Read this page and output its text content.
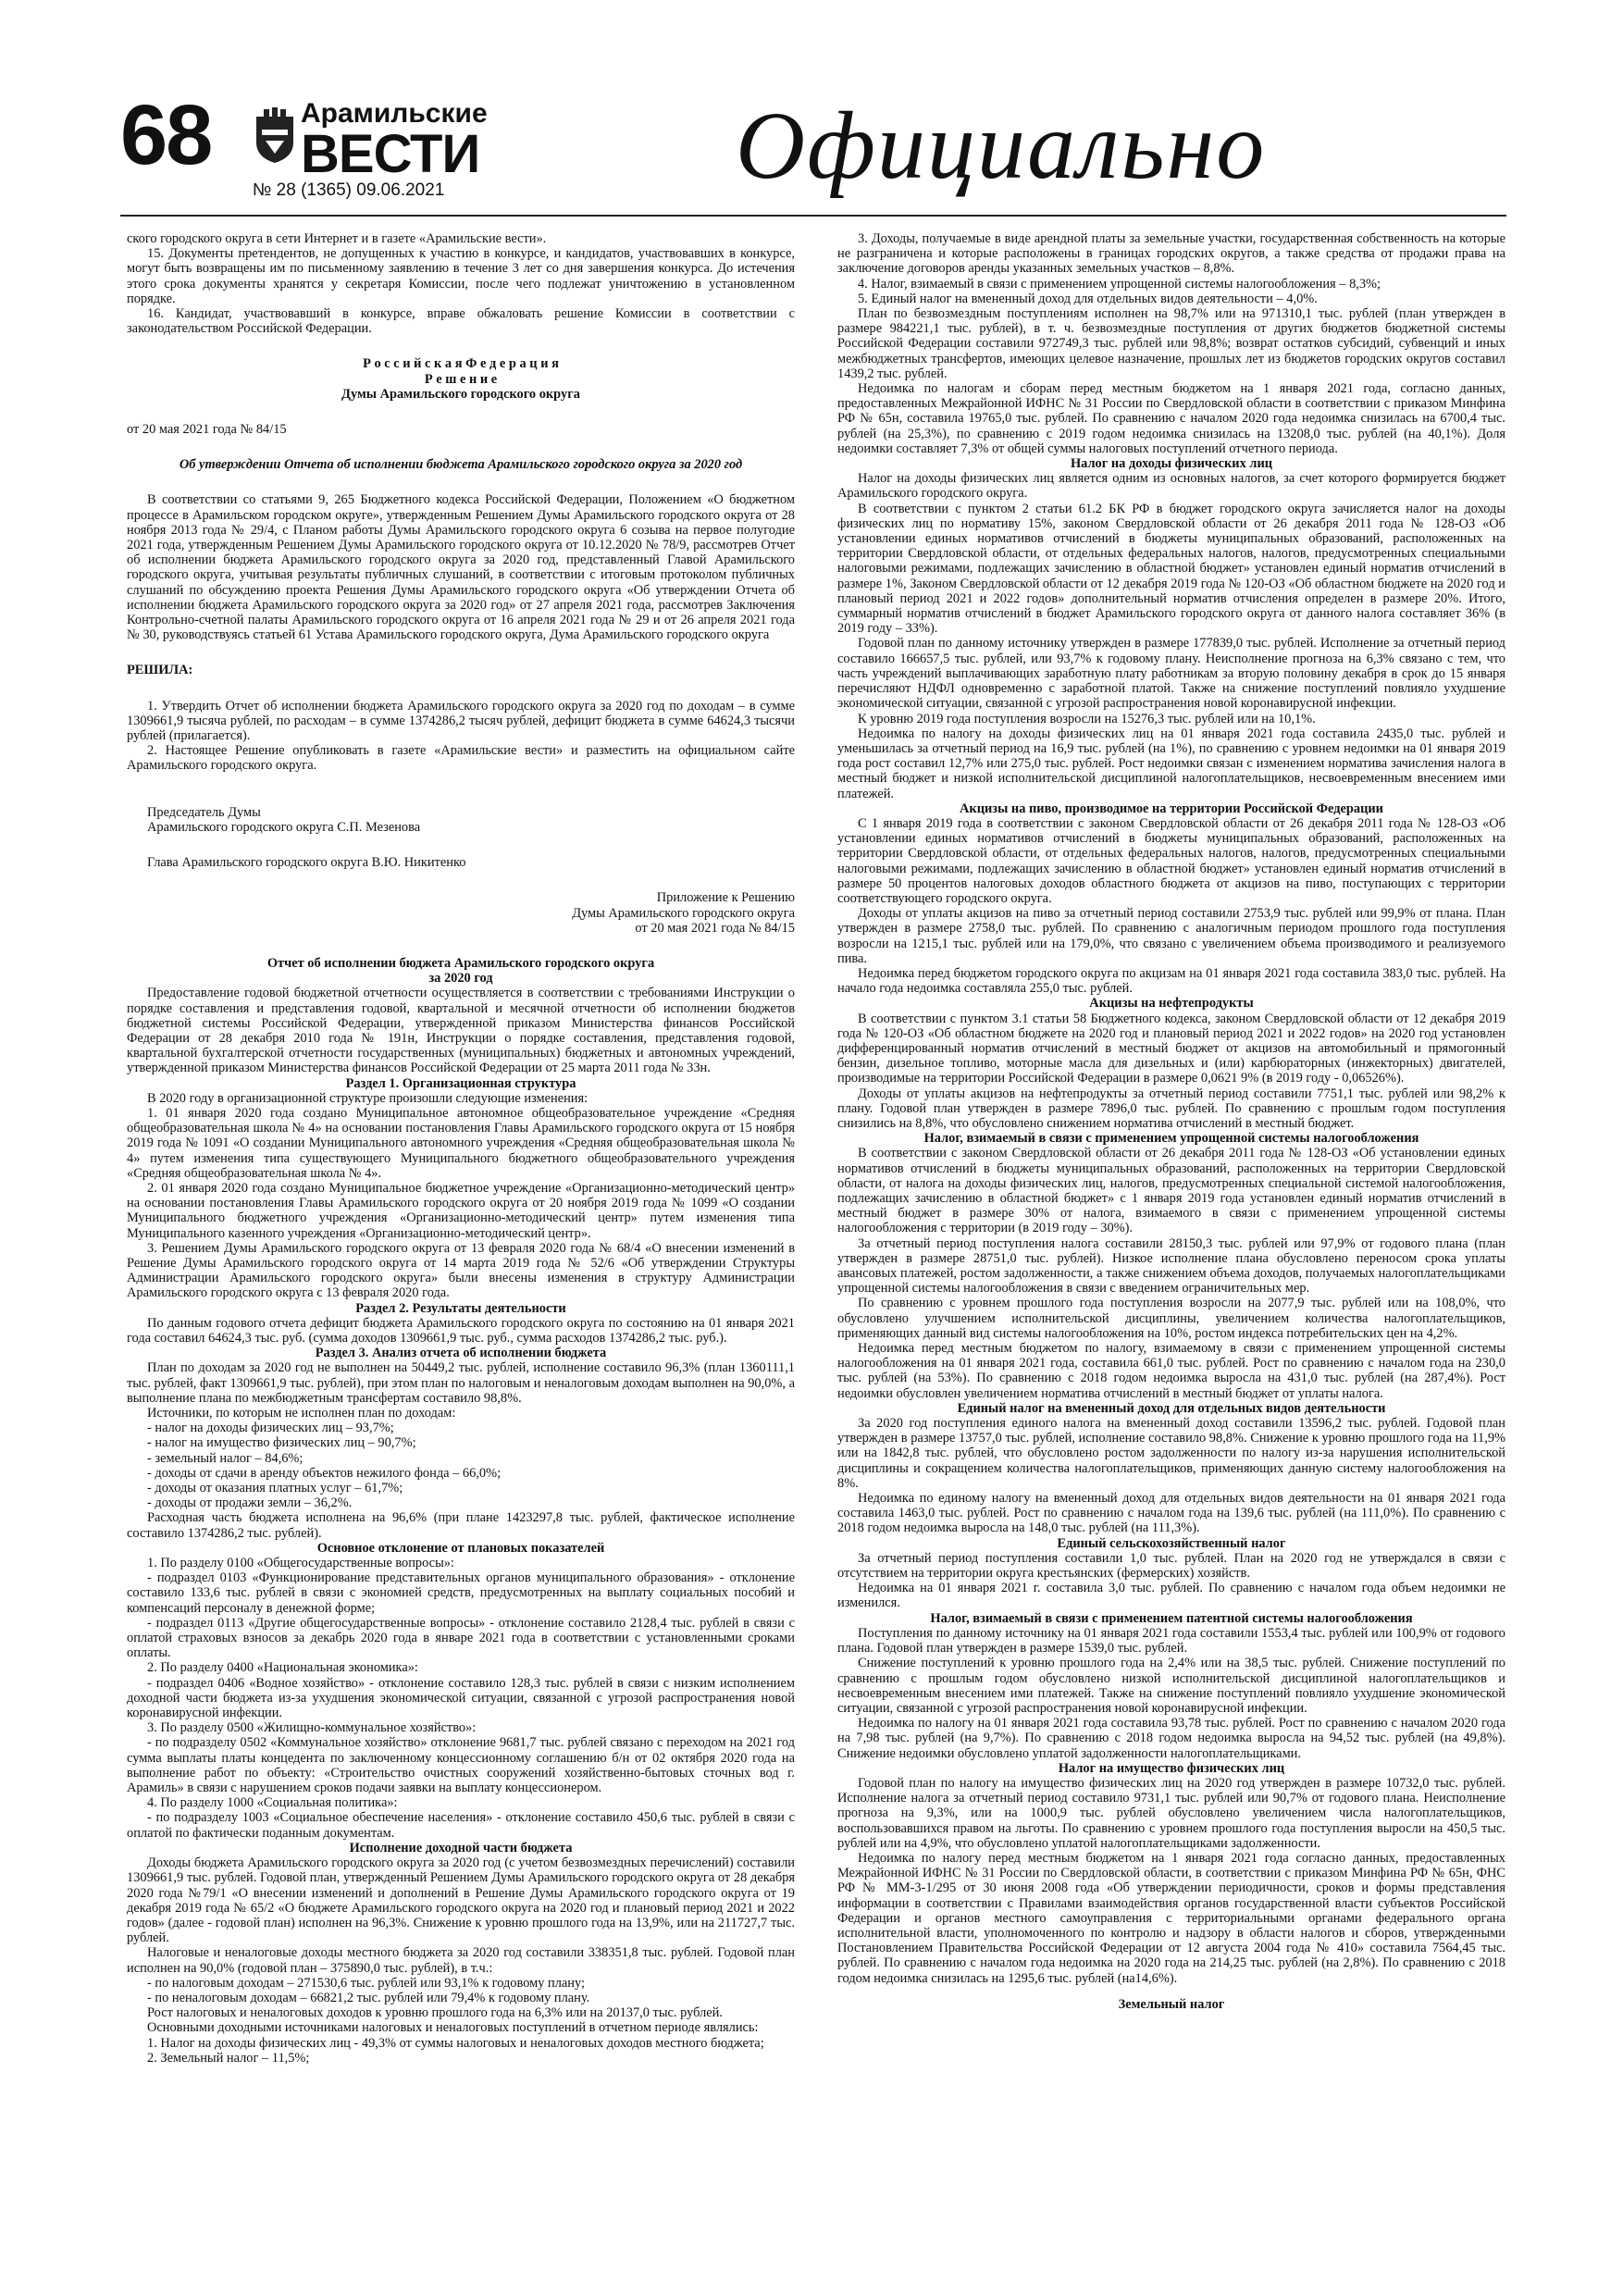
68	Арамильские
ВЕСТИ
№ 28 (1365) 09.06.2021	Официально

ского городского округа в сети Интернет и в газете «Арамильские вести».

15. Документы претендентов, не допущенных к участию в конкурсе, и кандидатов, участвовавших в конкурсе, могут быть возвращены им по письменному заявлению в течение 3 лет со дня завершения конкурса. До истечения этого срока документы хранятся у секретаря Комиссии, после чего подлежат уничтожению в установленном порядке.

16. Кандидат, участвовавший в конкурсе, вправе обжаловать решение Комиссии в соответствии с законодательством Российской Федерации.

Р о с с и й с к а я Ф е д е р а ц и я

Р е ш е н и е

Думы Арамильского городского округа

от 20 мая 2021 года № 84/15

Об утверждении Отчета об исполнении бюджета Арамильского городского округа за 2020 год

В соответствии со статьями 9, 265 Бюджетного кодекса Российской Федерации, Положением «О бюджетном процессе в Арамильском городском округе», утвержденным Решением Думы Арамильского городского округа от 28 ноября 2013 года № 29/4, с Планом работы Думы Арамильского городского округа 6 созыва на первое полугодие 2021 года, утвержденным Решением Думы Арамильского городского округа от 10.12.2020 № 78/9, рассмотрев Отчет об исполнении бюджета Арамильского городского округа за 2020 год, представленный Главой Арамильского городского округа, учитывая результаты публичных слушаний, в соответствии с итоговым протоколом публичных слушаний по обсуждению проекта Решения Думы Арамильского городского округа «Об утверждении Отчета об исполнении бюджета Арамильского городского округа за 2020 год» от 27 апреля 2021 года, рассмотрев Заключения Контрольно-счетной палаты Арамильского городского округа от 16 апреля 2021 года № 29 и от 26 апреля 2021 года № 30, руководствуясь статьей 61 Устава Арамильского городского округа, Дума Арамильского городского округа

РЕШИЛА:

1. Утвердить Отчет об исполнении бюджета Арамильского городского округа за 2020 год по доходам – в сумме 1309661,9 тысяча рублей, по расходам – в сумме 1374286,2 тысяч рублей, дефицит бюджета в сумме 64624,3 тысячи рублей (прилагается).

2. Настоящее Решение опубликовать в газете «Арамильские вести» и разместить на официальном сайте Арамильского городского округа.

Председатель Думы

Арамильского городского округа С.П. Мезенова

Глава Арамильского городского округа В.Ю. Никитенко

Приложение к Решению

Думы Арамильского городского округа

от 20 мая 2021 года № 84/15

Отчет об исполнении бюджета Арамильского городского округа

за 2020 год

Предоставление годовой бюджетной отчетности осуществляется в соответствии с требованиями Инструкции о порядке составления и представления годовой, квартальной и месячной отчетности об исполнении бюджетов бюджетной системы Российской Федерации, утвержденной приказом Министерства финансов Российской Федерации от 28 декабря 2010 года № 191н, Инструкции о порядке составления, представления годовой, квартальной бухгалтерской отчетности государственных (муниципальных) бюджетных и автономных учреждений, утвержденной приказом Министерства финансов Российской Федерации от 25 марта 2011 года № 33н.

Раздел 1. Организационная структура

В 2020 году в организационной структуре произошли следующие изменения:

1. 01 января 2020 года создано Муниципальное автономное общеобразовательное учреждение «Средняя общеобразовательная школа № 4» на основании постановления Главы Арамильского городского округа от 15 ноября 2019 года № 1091 «О создании Муниципального автономного учреждения «Средняя общеобразовательная школа № 4» путем изменения типа существующего Муниципального бюджетного общеобразовательного учреждения «Средняя общеобразовательная школа № 4».

2. 01 января 2020 года создано Муниципальное бюджетное учреждение «Организационно-методический центр» на основании постановления Главы Арамильского городского округа от 20 ноября 2019 года № 1099 «О создании Муниципального бюджетного учреждения «Организационно-методический центр» путем изменения типа Муниципального казенного учреждения «Организационно-методический центр».

3. Решением Думы Арамильского городского округа от 13 февраля 2020 года № 68/4 «О внесении изменений в Решение Думы Арамильского городского округа от 14 марта 2019 года № 52/6 «Об утверждении Структуры Администрации Арамильского городского округа» были внесены изменения в структуру Администрации Арамильского городского округа с 13 февраля 2020 года.

Раздел 2. Результаты деятельности

По данным годового отчета дефицит бюджета Арамильского городского округа по состоянию на 01 января 2021 года составил 64624,3 тыс. руб. (сумма доходов 1309661,9 тыс. руб., сумма расходов 1374286,2 тыс. руб.).

Раздел 3. Анализ отчета об исполнении бюджета

План по доходам за 2020 год не выполнен на 50449,2 тыс. рублей, исполнение составило 96,3% (план 1360111,1 тыс. рублей, факт 1309661,9 тыс. рублей), при этом план по налоговым и неналоговым доходам выполнен на 90,0%, а выполнение плана по межбюджетным трансфертам составило 98,8%.

Источники, по которым не исполнен план по доходам:

- налог на доходы физических лиц – 93,7%;

- налог на имущество физических лиц – 90,7%;

- земельный налог – 84,6%;

- доходы от сдачи в аренду объектов нежилого фонда – 66,0%;

- доходы от оказания платных услуг – 61,7%;

- доходы от продажи земли – 36,2%.

Расходная часть бюджета исполнена на 96,6% (при плане 1423297,8 тыс. рублей, фактическое исполнение составило 1374286,2 тыс. рублей).

Основное отклонение от плановых показателей

1. По разделу 0100 «Общегосударственные вопросы»:

- подраздел 0103 «Функционирование представительных органов муниципального образования» - отклонение составило 133,6 тыс. рублей в связи с экономией средств, предусмотренных на выплату социальных пособий и компенсаций персоналу в денежной форме;

- подраздел 0113 «Другие общегосударственные вопросы» - отклонение составило 2128,4 тыс. рублей в связи с оплатой страховых взносов за декабрь 2020 года в январе 2021 года в соответствии с установленными сроками оплаты.

2. По разделу 0400 «Национальная экономика»:

- подраздел 0406 «Водное хозяйство» - отклонение составило 128,3 тыс. рублей в связи с низким исполнением доходной части бюджета из-за ухудшения экономической ситуации, связанной с угрозой распространения новой коронавирусной инфекции.

3. По разделу 0500 «Жилищно-коммунальное хозяйство»:

- по подразделу 0502 «Коммунальное хозяйство» отклонение 9681,7 тыс. рублей связано с переходом на 2021 год сумма выплаты платы концедента по заключенному концессионному соглашению б/н от 02 октября 2020 года на выполнение работ по объекту: «Строительство очистных сооружений хозяйственно-бытовых сточных вод г. Арамиль» в связи с нарушением сроков подачи заявки на выплату концессионером.

4. По разделу 1000 «Социальная политика»:

- по подразделу 1003 «Социальное обеспечение населения» - отклонение составило 450,6 тыс. рублей в связи с оплатой по фактически поданным документам.

Исполнение доходной части бюджета

Доходы бюджета Арамильского городского округа за 2020 год (с учетом безвозмездных перечислений) составили 1309661,9 тыс. рублей. Годовой план, утвержденный Решением Думы Арамильского городского округа от 28 декабря 2020 года №79/1 «О внесении изменений и дополнений в Решение Думы Арамильского городского округа от 19 декабря 2019 года № 65/2 «О бюджете Арамильского городского округа на 2020 год и плановый период 2021 и 2022 годов» (далее - годовой план) исполнен на 96,3%. Снижение к уровню прошлого года на 13,9%, или на 211727,7 тыс. рублей.

Налоговые и неналоговые доходы местного бюджета за 2020 год составили 338351,8 тыс. рублей. Годовой план исполнен на 90,0% (годовой план – 375890,0 тыс. рублей), в т.ч.:

- по налоговым доходам – 271530,6 тыс. рублей или 93,1% к годовому плану;

- по неналоговым доходам – 66821,2 тыс. рублей или 79,4% к годовому плану.

Рост налоговых и неналоговых доходов к уровню прошлого года на 6,3% или на 20137,0 тыс. рублей.

Основными доходными источниками налоговых и неналоговых поступлений в отчетном периоде являлись:

1. Налог на доходы физических лиц - 49,3% от суммы налоговых и неналоговых доходов местного бюджета;

2. Земельный налог – 11,5%;

3. Доходы, получаемые в виде арендной платы за земельные участки, государственная собственность на которые не разграничена и которые расположены в границах городских округов, а также средства от продажи права на заключение договоров аренды указанных земельных участков – 8,8%.

4. Налог, взимаемый в связи с применением упрощенной системы налогообложения – 8,3%;

5. Единый налог на вмененный доход для отдельных видов деятельности – 4,0%.

План по безвозмездным поступлениям исполнен на 98,7% или на 971310,1 тыс. рублей (план утвержден в размере 984221,1 тыс. рублей), в т. ч. безвозмездные поступления от других бюджетов бюджетной системы Российской Федерации составили 972749,3 тыс. рублей или 98,8%; возврат остатков субсидий, субвенций и иных межбюджетных трансфертов, имеющих целевое назначение, прошлых лет из бюджетов городских округов составил 1439,2 тыс. рублей.

Недоимка по налогам и сборам перед местным бюджетом на 1 января 2021 года, согласно данных, предоставленных Межрайонной ИФНС № 31 России по Свердловской области в соответствии с приказом Минфина РФ № 65н, составила 19765,0 тыс. рублей. По сравнению с началом 2020 года недоимка снизилась на 6700,4 тыс. рублей (на 25,3%), по сравнению с 2019 годом недоимка снизилась на 13208,0 тыс. рублей (на 40,1%). Доля недоимки составляет 7,3% от общей суммы налоговых поступлений отчетного периода.

Налог на доходы физических лиц

Налог на доходы физических лиц является одним из основных налогов, за счет которого формируется бюджет Арамильского городского округа.

В соответствии с пунктом 2 статьи 61.2 БК РФ в бюджет городского округа зачисляется налог на доходы физических лиц по нормативу 15%, законом Свердловской области от 26 декабря 2011 года № 128-ОЗ «Об установлении единых нормативов отчислений в бюджеты муниципальных образований, расположенных на территории Свердловской области, от отдельных федеральных налогов, налогов, предусмотренных специальными налоговыми режимами, подлежащих зачислению в областной бюджет» установлен единый норматив отчислений в размере 1%, Законом Свердловской области от 12 декабря 2019 года № 120-ОЗ «Об областном бюджете на 2020 год и плановый период 2021 и 2022 годов» дополнительный норматив отчисления определен в размере 20%. Итого, суммарный норматив отчислений в бюджет Арамильского городского округа от данного налога составляет 36% (в 2019 году – 33%).

Годовой план по данному источнику утвержден в размере 177839,0 тыс. рублей. Исполнение за отчетный период составило 166657,5 тыс. рублей, или 93,7% к годовому плану. Неисполнение прогноза на 6,3% связано с тем, что часть учреждений выплачивающих заработную плату работникам за вторую половину декабря в срок до 15 января перечисляют НДФЛ одновременно с заработной платой. Также на снижение поступлений повлияло ухудшение экономической ситуации, связанной с угрозой распространения новой коронавирусной инфекции.

К уровню 2019 года поступления возросли на 15276,3 тыс. рублей или на 10,1%.

Недоимка по налогу на доходы физических лиц на 01 января 2021 года составила 2435,0 тыс. рублей и уменьшилась за отчетный период на 16,9 тыс. рублей (на 1%), по сравнению с уровнем недоимки на 01 января 2019 года рост составил 12,7% или 275,0 тыс. рублей. Рост недоимки связан с изменением норматива зачисления налога в местный бюджет и низкой исполнительской дисциплиной налогоплательщиков, несвоевременным внесением ими платежей.

Акцизы на пиво, производимое на территории Российской Федерации

С 1 января 2019 года в соответствии с законом Свердловской области от 26 декабря 2011 года № 128-ОЗ «Об установлении единых нормативов отчислений в бюджеты муниципальных образований, расположенных на территории Свердловской области, от отдельных федеральных налогов, налогов, предусмотренных специальными налоговыми режимами, подлежащих зачислению в областной бюджет» установлен единый норматив отчислений в размере 50 процентов налоговых доходов областного бюджета от акцизов на пиво, поступающих с территории соответствующего городского округа.

Доходы от уплаты акцизов на пиво за отчетный период составили 2753,9 тыс. рублей или 99,9% от плана. План утвержден в размере 2758,0 тыс. рублей. По сравнению с аналогичным периодом прошлого года поступления возросли на 1215,1 тыс. рублей или на 179,0%, что связано с увеличением объема производимого и реализуемого пива.

Недоимка перед бюджетом городского округа по акцизам на 01 января 2021 года составила 383,0 тыс. рублей. На начало года недоимка составляла 255,0 тыс. рублей.

Акцизы на нефтепродукты

В соответствии с пунктом 3.1 статьи 58 Бюджетного кодекса, законом Свердловской области от 12 декабря 2019 года № 120-ОЗ «Об областном бюджете на 2020 год и плановый период 2021 и 2022 годов» на 2020 год установлен дифференцированный норматив отчислений в местный бюджет от акцизов на автомобильный и прямогонный бензин, дизельное топливо, моторные масла для дизельных и (или) карбюраторных (инжекторных) двигателей, производимые на территории Российской Федерации в размере 0,0621 9% (в 2019 году - 0,06526%).

Доходы от уплаты акцизов на нефтепродукты за отчетный период составили 7751,1 тыс. рублей или 98,2% к плану. Годовой план утвержден в размере 7896,0 тыс. рублей. По сравнению с прошлым годом поступления снизились на 8,8%, что обусловлено снижением норматива отчислений в местный бюджет.

Налог, взимаемый в связи с применением упрощенной системы налогообложения

В соответствии с законом Свердловской области от 26 декабря 2011 года № 128-ОЗ «Об установлении единых нормативов отчислений в бюджеты муниципальных образований, расположенных на территории Свердловской области, от налога на доходы физических лиц, налогов, предусмотренных специальной системой налогообложения, подлежащих зачислению в областной бюджет» с 1 января 2019 года установлен единый норматив отчислений в местный бюджет в размере 30% от налога, взимаемого в связи с применением упрощенной системы налогообложения с территории (в 2019 году – 30%).

За отчетный период поступления налога составили 28150,3 тыс. рублей или 97,9% от годового плана (план утвержден в размере 28751,0 тыс. рублей). Низкое исполнение плана обусловлено переносом срока уплаты авансовых платежей, ростом задолженности, а также снижением объема доходов, получаемых налогоплательщиками упрощенной системы налогообложения в связи с введением ограничительных мер.

По сравнению с уровнем прошлого года поступления возросли на 2077,9 тыс. рублей или на 108,0%, что обусловлено улучшением исполнительской дисциплины, увеличением количества налогоплательщиков, применяющих данный вид системы налогообложения на 10%, ростом индекса потребительских цен на 4,2%.

Недоимка перед местным бюджетом по налогу, взимаемому в связи с применением упрощенной системы налогообложения на 01 января 2021 года, составила 661,0 тыс. рублей. Рост по сравнению с началом года на 230,0 тыс. рублей (на 53%). По сравнению с 2018 годом недоимка выросла на 431,0 тыс. рублей (на 287,4%). Рост недоимки обусловлен увеличением норматива отчислений в местный бюджет от уплаты налога.

Единый налог на вмененный доход для отдельных видов деятельности

За 2020 год поступления единого налога на вмененный доход составили 13596,2 тыс. рублей. Годовой план утвержден в размере 13757,0 тыс. рублей, исполнение составило 98,8%. Снижение к уровню прошлого года на 11,9% или на 1842,8 тыс. рублей, что обусловлено ростом задолженности по налогу из-за нарушения исполнительской дисциплины и сокращением количества налогоплательщиков, применяющих данную систему налогообложения на 8%.

Недоимка по единому налогу на вмененный доход для отдельных видов деятельности на 01 января 2021 года составила 1463,0 тыс. рублей. Рост по сравнению с началом года на 139,6 тыс. рублей (на 111,0%). По сравнению с 2018 годом недоимка выросла на 148,0 тыс. рублей (на 111,3%).

Единый сельскохозяйственный налог

За отчетный период поступления составили 1,0 тыс. рублей. План на 2020 год не утверждался в связи с отсутствием на территории округа крестьянских (фермерских) хозяйств.

Недоимка на 01 января 2021 г. составила 3,0 тыс. рублей. По сравнению с началом года объем недоимки не изменился.

Налог, взимаемый в связи с применением патентной системы налогообложения

Поступления по данному источнику на 01 января 2021 года составили 1553,4 тыс. рублей или 100,9% от годового плана. Годовой план утвержден в размере 1539,0 тыс. рублей.

Снижение поступлений к уровню прошлого года на 2,4% или на 38,5 тыс. рублей. Снижение поступлений по сравнению с прошлым годом обусловлено низкой исполнительской дисциплиной налогоплательщиков и несвоевременным внесением ими платежей. Также на снижение поступлений повлияло ухудшение экономической ситуации, связанной с угрозой распространения новой коронавирусной инфекции.

Недоимка по налогу на 01 января 2021 года составила 93,78 тыс. рублей. Рост по сравнению с началом 2020 года на 7,98 тыс. рублей (на 9,7%). По сравнению с 2018 годом недоимка выросла на 94,52 тыс. рублей (на 49,8%). Снижение недоимки обусловлено уплатой задолженности налогоплательщиками.

Налог на имущество физических лиц

Годовой план по налогу на имущество физических лиц на 2020 год утвержден в размере 10732,0 тыс. рублей. Исполнение налога за отчетный период составило 9731,1 тыс. рублей или 90,7% от годового плана. Неисполнение прогноза на 9,3%, или на 1000,9 тыс. рублей обусловлено увеличением числа налогоплательщиков, воспользовавшихся правом на льготы. По сравнению с уровнем прошлого года поступления выросли на 450,5 тыс. рублей или на 4,9%, что обусловлено уплатой налогоплательщиками задолженности.

Недоимка по налогу перед местным бюджетом на 1 января 2021 года согласно данных, предоставленных Межрайонной ИФНС № 31 России по Свердловской области, в соответствии с приказом Минфина РФ № 65н, ФНС РФ № ММ-3-1/295 от 30 июня 2008 года «Об утверждении периодичности, сроков и формы представления информации в соответствии с Правилами взаимодействия органов государственной власти субъектов Российской Федерации и органов местного самоуправления с территориальными органами федерального органа исполнительной власти, уполномоченного по контролю и надзору в области налогов и сборов, утвержденными Постановлением Правительства Российской Федерации от 12 августа 2004 года № 410» составила 7564,45 тыс. рублей. По сравнению с началом года недоимка на 2020 года на 214,25 тыс. рублей (на 2,8%). По сравнению с 2018 годом недоимка снизилась на 1295,6 тыс. рублей (на14,6%).

Земельный налог
